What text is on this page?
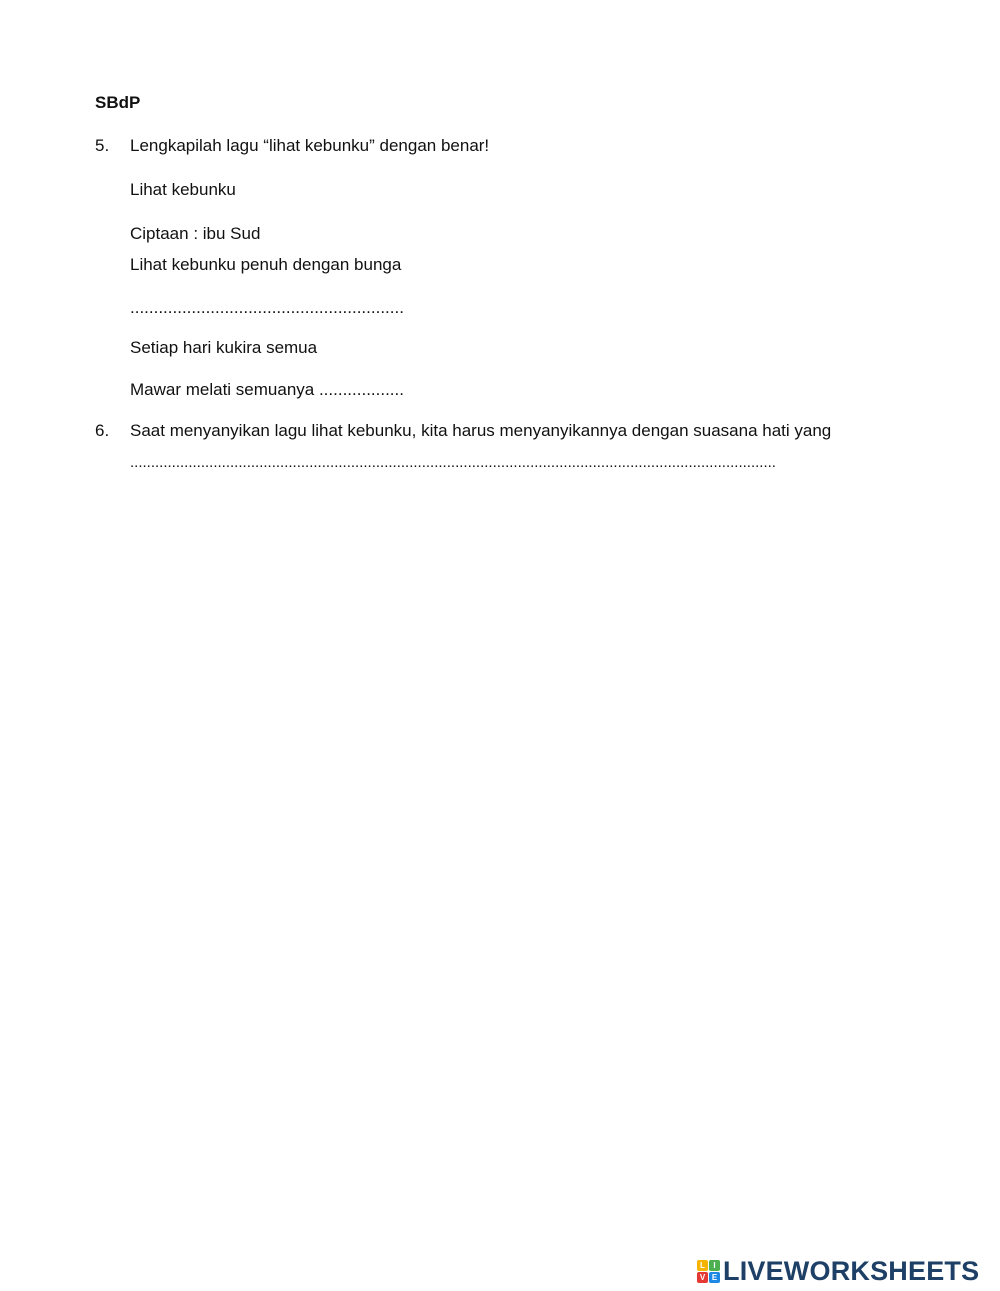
SBdP
5. Lengkapilah lagu “lihat kebunku” dengan benar!
Lihat kebunku
Ciptaan : ibu Sud
Lihat kebunku penuh dengan bunga
..........................................................
Setiap hari kukira semua
Mawar melati semuanya ..................
6. Saat menyanyikan lagu lihat kebunku, kita harus menyanyikannya dengan suasana hati yang
...........................................................................................................................................................
L	I
V E LIVEWORKSHEETS
